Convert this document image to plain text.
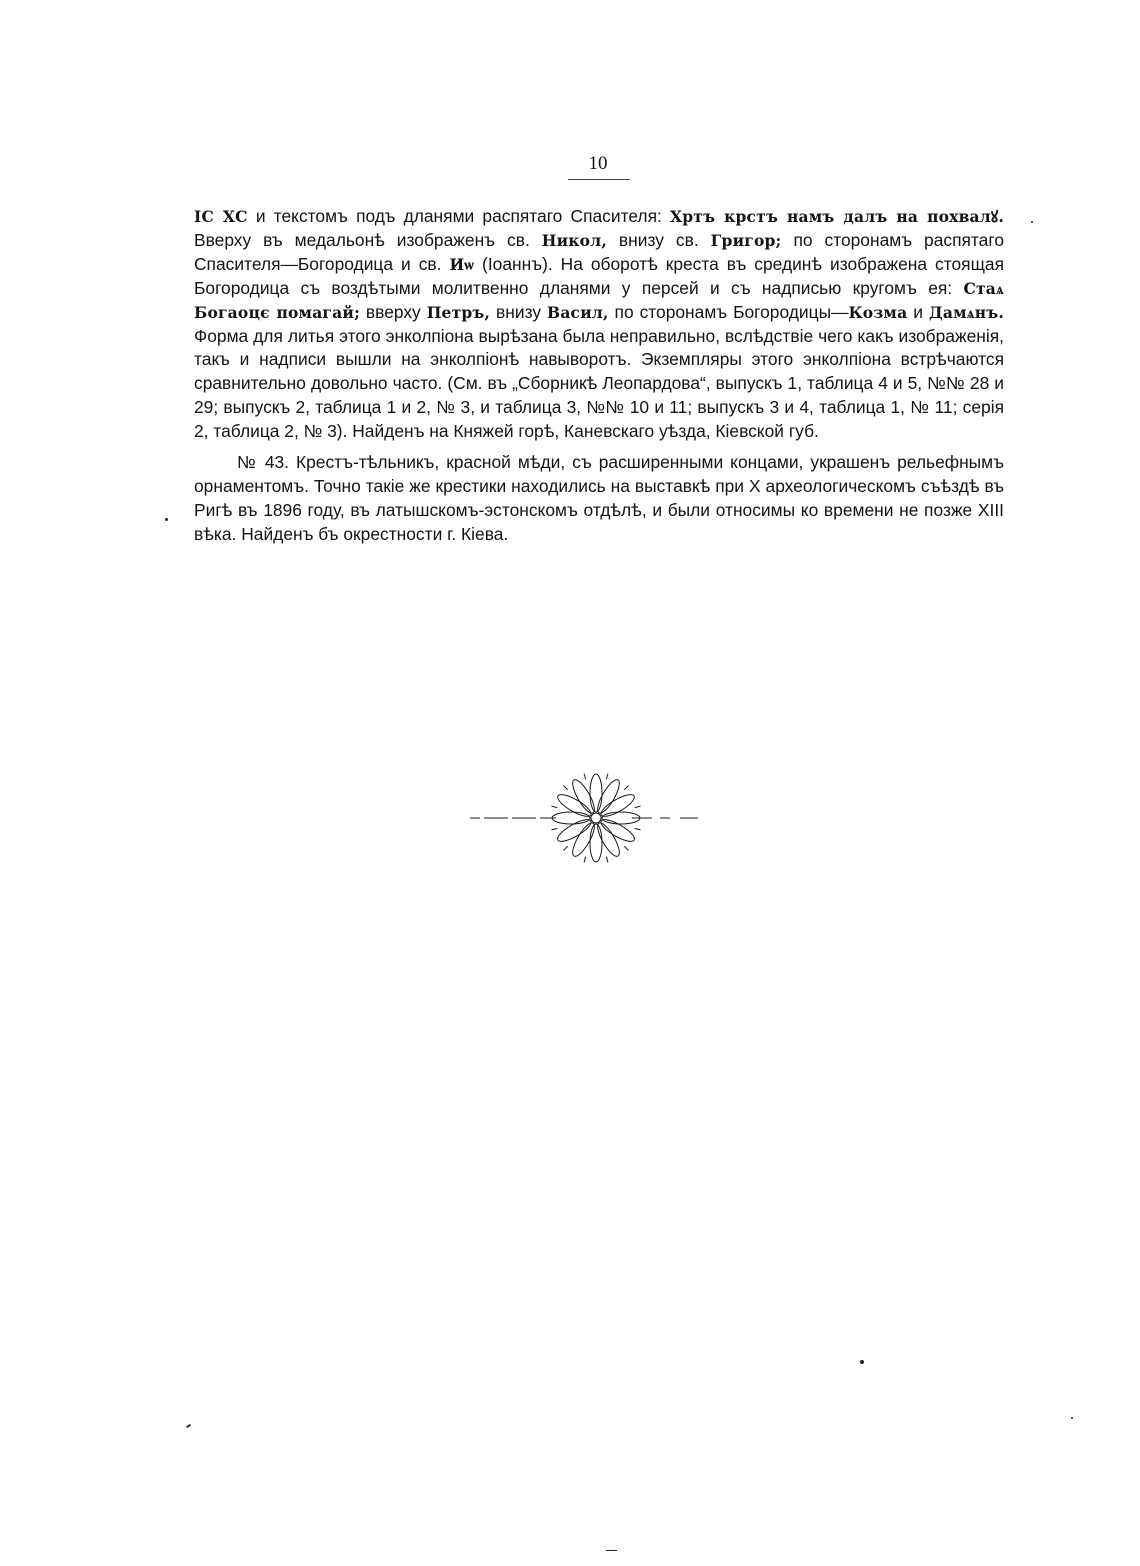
10

ІС ХС и текстомъ подъ дланями распятаго Спасителя: Хртъ крстъ намъ далъ на похвалꙋ. Вверху въ медальонѣ изображенъ св. Никол, внизу св. Григор; по сторонамъ распятаго Спасителя—Богородица и св. Иѡ (Іоаннъ). На оборотѣ креста въ срединѣ изображена стоящая Богородица съ воздѣтыми молитвенно дланями у персей и съ надписью кругомъ ея: Стаѧ Богаоцє помагай; вверху Петръ, внизу Васил, по сторонамъ Богородицы—Козма и Дамѧнъ. Форма для литья этого энколпіона вырѣзана была неправильно, вслѣдствіе чего какъ изображенія, такъ и надписи вышли на энколпіонѣ навыворотъ. Экземпляры этого энколпіона встрѣчаются сравнительно довольно часто. (См. въ „Сборникѣ Леопардова“, выпускъ 1, таблица 4 и 5, №№ 28 и 29; выпускъ 2, таблица 1 и 2, № 3, и таблица 3, №№ 10 и 11; выпускъ 3 и 4, таблица 1, № 11; серія 2, таблица 2, № 3). Найденъ на Княжей горѣ, Каневскаго уѣзда, Кіевской губ.

№ 43. Крестъ-тѣльникъ, красной мѣди, съ расширенными концами, украшенъ рельефнымъ орнаментомъ. Точно такіе же крестики находились на выставкѣ при X археологическомъ съѣздѣ въ Ригѣ въ 1896 году, въ латышскомъ-эстонскомъ отдѣлѣ, и были относимы ко времени не позже XIII вѣка. Найденъ бъ окрестности г. Кіева.
